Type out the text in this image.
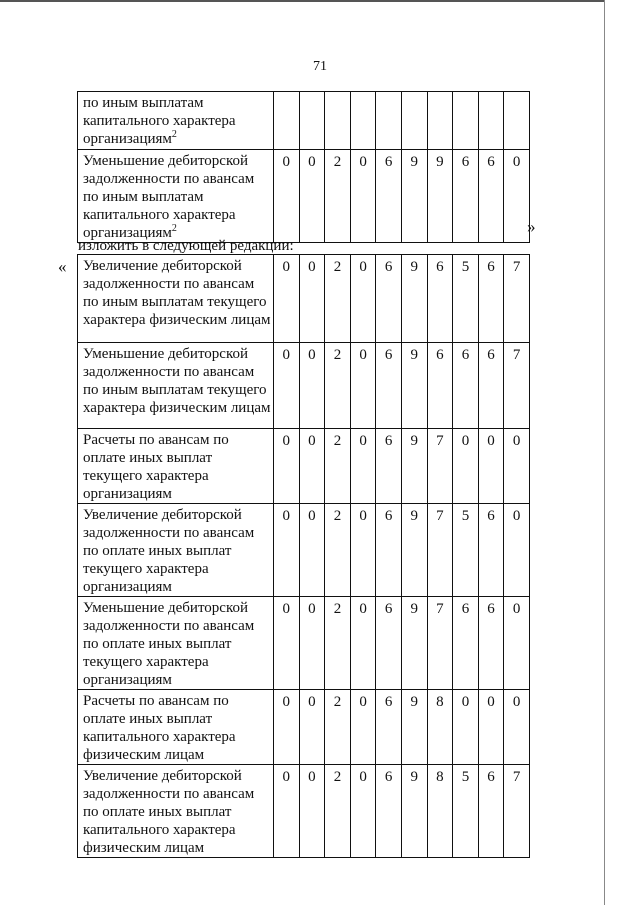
71
по иным выплатам капитального характера организациям$^2$										
Уменьшение дебиторской задолженности по авансам по иным выплатам капитального характера организациям$^2$	0	0	2	0	6	9	9	6	6	0
»
изложить в следующей редакции:
« Увеличение дебиторской задолженности по авансам по иным выплатам текущего характера физическим лицам	0	0	2	0	6	9	6	5	6	7
Уменьшение дебиторской задолженности по авансам по иным выплатам текущего характера физическим лицам	0	0	2	0	6	9	6	6	6	7
Расчеты по авансам по оплате иных выплат текущего характера организациям	0	0	2	0	6	9	7	0	0	0
Увеличение дебиторской задолженности по авансам по оплате иных выплат текущего характера организациям	0	0	2	0	6	9	7	5	6	0
Уменьшение дебиторской задолженности по авансам по оплате иных выплат текущего характера организациям	0	0	2	0	6	9	7	6	6	0
Расчеты по авансам по оплате иных выплат капитального характера физическим лицам	0	0	2	0	6	9	8	0	0	0
Увеличение дебиторской задолженности по авансам по оплате иных выплат капитального характера физическим лицам	0	0	2	0	6	9	8	5	6	7
